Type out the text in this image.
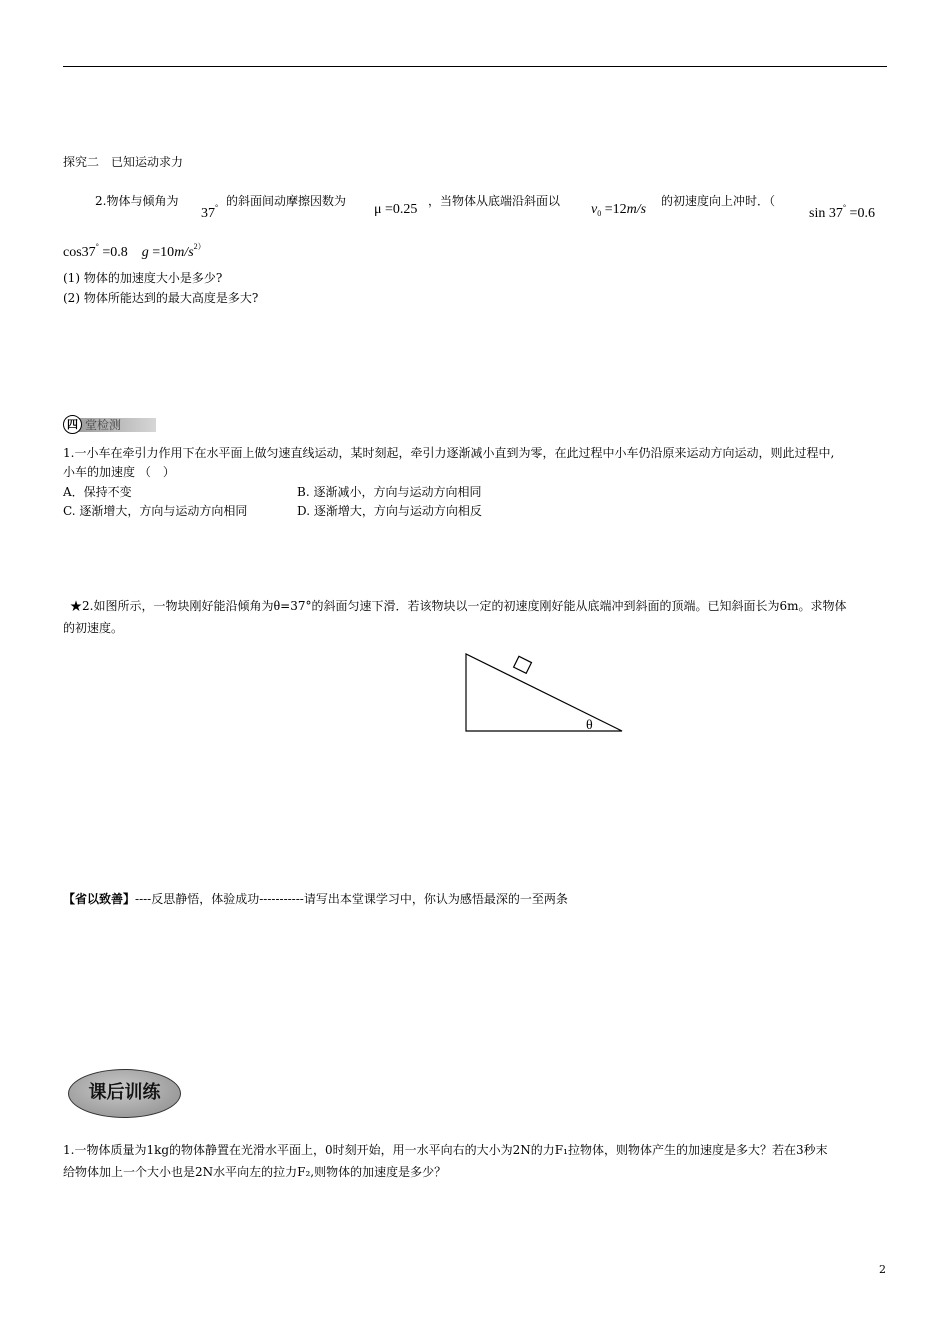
探究二　已知运动求力
2.物体与倾角为
37° 的斜面间动摩擦因数为
μ =0.25
，当物体从底端沿斜面以
$v_0 =12m/s$
的初速度向上冲时．（
sin 37° =0.6
cos37° =0.8 $g =10m/s^{2)}$
(1) 物体的加速度大小是多少?
(2) 物体所能达到的最大高度是多大?
四 堂检测
1.一小车在牵引力作用下在水平面上做匀速直线运动，某时刻起，牵引力逐渐减小直到为零，在此过程中小车仍沿原来运动方向运动，则此过程中,
小车的加速度 （　）
A．保持不变	B. 逐渐减小，方向与运动方向相同
C. 逐渐增大，方向与运动方向相同	D. 逐渐增大，方向与运动方向相反
★2.如图所示，一物块刚好能沿倾角为θ=37°的斜面匀速下滑．若该物块以一定的初速度刚好能从底端冲到斜面的顶端。已知斜面长为6m。求物体
的初速度。
θ
【省以致善】----反思静悟，体验成功-----------请写出本堂课学习中，你认为感悟最深的一至两条
课后训练
1.一物体质量为1kg的物体静置在光滑水平面上，0时刻开始，用一水平向右的大小为2N的力F₁拉物体，则物体产生的加速度是多大？若在3秒末
给物体加上一个大小也是2N水平向左的拉力F₂,则物体的加速度是多少？
2
